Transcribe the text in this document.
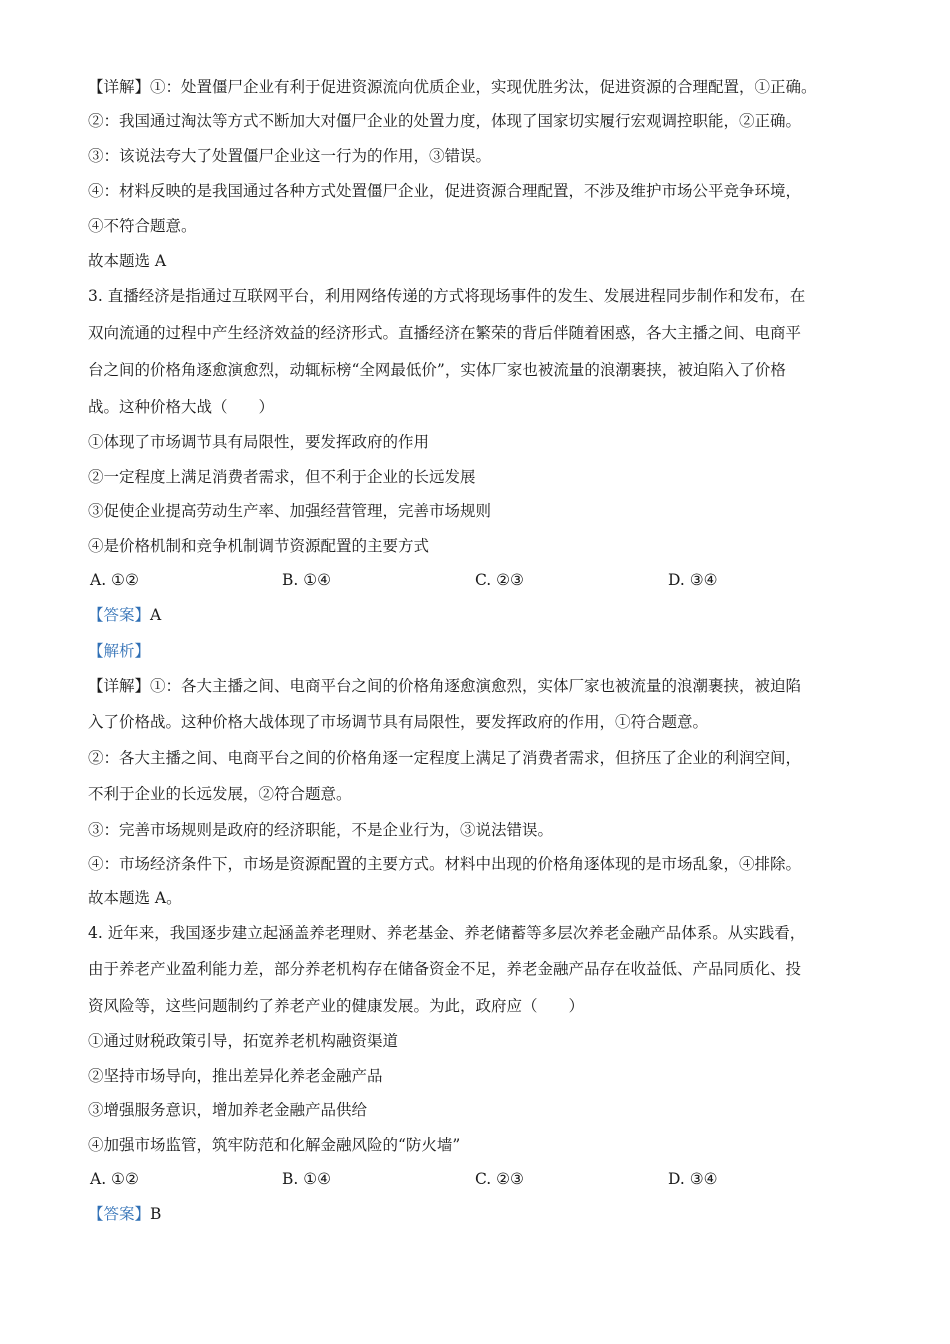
【详解】①：处置僵尸企业有利于促进资源流向优质企业，实现优胜劣汰，促进资源的合理配置，①正确。
②：我国通过淘汰等方式不断加大对僵尸企业的处置力度，体现了国家切实履行宏观调控职能，②正确。
③：该说法夸大了处置僵尸企业这一行为的作用，③错误。
④：材料反映的是我国通过各种方式处置僵尸企业，促进资源合理配置，不涉及维护市场公平竞争环境，
④不符合题意。
故本题选 A
3. 直播经济是指通过互联网平台，利用网络传递的方式将现场事件的发生、发展进程同步制作和发布，在
双向流通的过程中产生经济效益的经济形式。直播经济在繁荣的背后伴随着困惑，各大主播之间、电商平
台之间的价格角逐愈演愈烈，动辄标榜“全网最低价”，实体厂家也被流量的浪潮裹挟，被迫陷入了价格
战。这种价格大战（　　）
①体现了市场调节具有局限性，要发挥政府的作用
②一定程度上满足消费者需求，但不利于企业的长远发展
③促使企业提高劳动生产率、加强经营管理，完善市场规则
④是价格机制和竞争机制调节资源配置的主要方式
A. ①②	B. ①④	C. ②③	D. ③④
【答案】A
【解析】
【详解】①：各大主播之间、电商平台之间的价格角逐愈演愈烈，实体厂家也被流量的浪潮裹挟，被迫陷
入了价格战。这种价格大战体现了市场调节具有局限性，要发挥政府的作用，①符合题意。
②：各大主播之间、电商平台之间的价格角逐一定程度上满足了消费者需求，但挤压了企业的利润空间，
不利于企业的长远发展，②符合题意。
③：完善市场规则是政府的经济职能，不是企业行为，③说法错误。
④：市场经济条件下，市场是资源配置的主要方式。材料中出现的价格角逐体现的是市场乱象，④排除。
故本题选 A。
4. 近年来，我国逐步建立起涵盖养老理财、养老基金、养老储蓄等多层次养老金融产品体系。从实践看，
由于养老产业盈利能力差，部分养老机构存在储备资金不足，养老金融产品存在收益低、产品同质化、投
资风险等，这些问题制约了养老产业的健康发展。为此，政府应（　　）
①通过财税政策引导，拓宽养老机构融资渠道
②坚持市场导向，推出差异化养老金融产品
③增强服务意识，增加养老金融产品供给
④加强市场监管，筑牢防范和化解金融风险的“防火墙”
A. ①②	B. ①④	C. ②③	D. ③④
【答案】B
